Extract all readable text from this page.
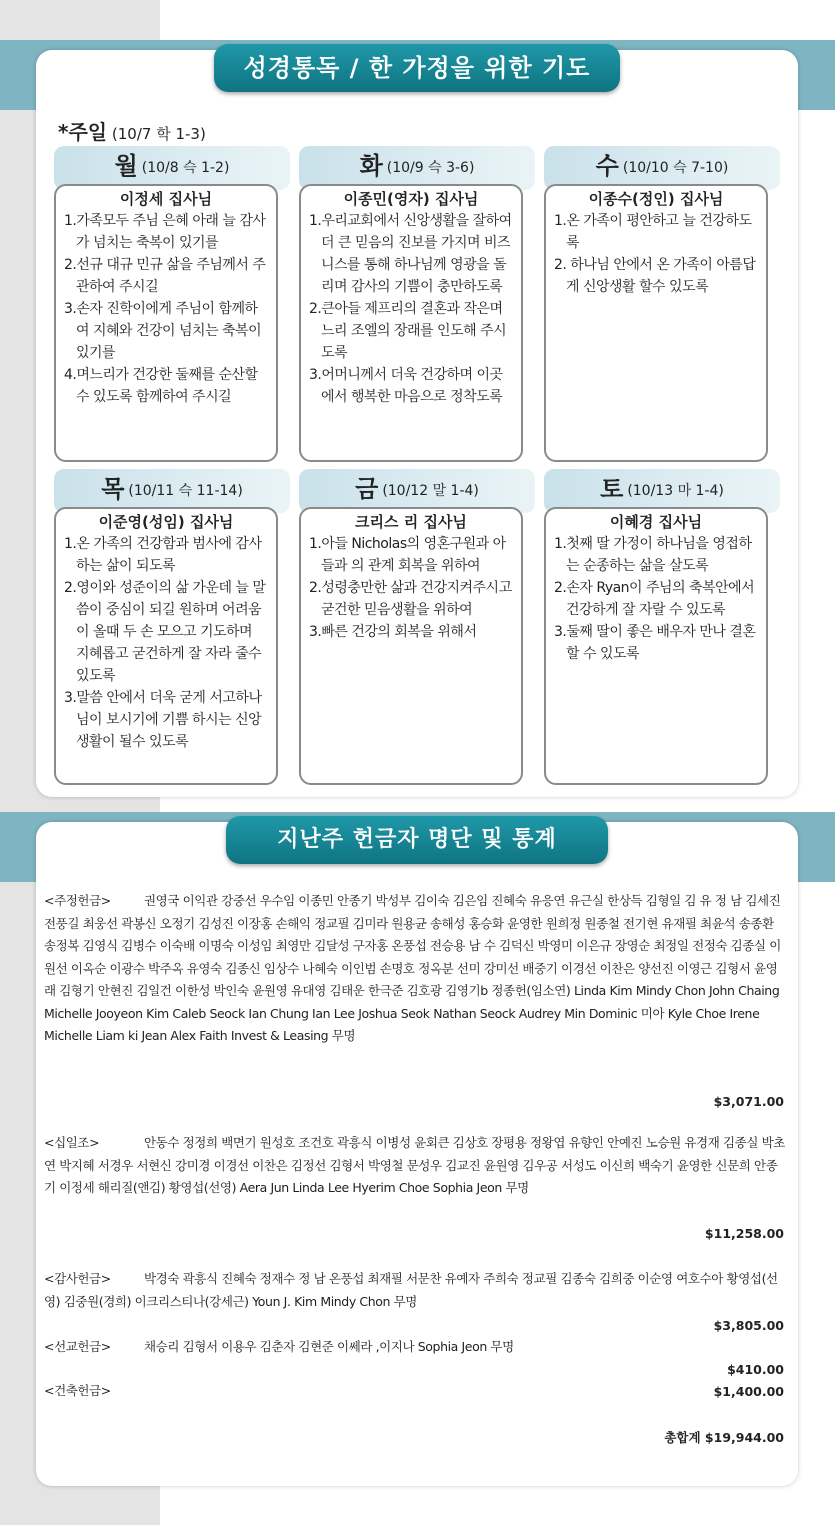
성경통독 / 한 가정을 위한 기도
*주일 (10/7 학 1-3)
월 (10/8 슥 1-2)	화 (10/9 슥 3-6)	수 (10/10 슥 7-10)
이정세 집사님
1.가족모두 주님 은혜 아래 늘 감사가 넘치는 축복이 있기를
2.선규 대규 민규 삶을 주님께서 주관하여 주시길
3.손자 진학이에게 주님이 함께하여 지혜와 건강이 넘치는 축복이 있기를
4.며느리가 건강한 둘째를 순산할 수 있도록 함께하여 주시길
이종민(영자) 집사님
1.우리교회에서 신앙생활을 잘하여 더 큰 믿음의 진보를 가지며 비즈니스를 통해 하나님께 영광을 돌리며 감사의 기쁨이 충만하도록
2.큰아들 제프리의 결혼과 작은며느리 조엘의 장래를 인도해 주시도록
3.어머니께서 더욱 건강하며 이곳에서 행복한 마음으로 정착도록
이종수(정인) 집사님
1.온 가족이 평안하고 늘 건강하도록
2. 하나님 안에서 온 가족이 아름답게 신앙생활 할수 있도록
목 (10/11 슥 11-14)	금 (10/12 말 1-4)	토 (10/13 마 1-4)
이준영(성임) 집사님
1.온 가족의 건강함과 범사에 감사하는 삶이 되도록
2.영이와 성준이의 삶 가운데 늘 말씀이 중심이 되길 원하며 어려움이 올때 두 손 모으고 기도하며 지혜롭고 굳건하게 잘 자라 줄수 있도록
3.말씀 안에서 더욱 굳게 서고하나님이 보시기에 기쁨 하시는 신앙생활이 될수 있도록
크리스 리 집사님
1.아들 Nicholas의 영혼구원과 아들과 의 관계 회복을 위하여
2.성령충만한 삶과 건강지켜주시고 굳건한 믿음생활을 위하여
3.빠른 건강의 회복을 위해서
이혜경 집사님
1.첫째 딸 가정이 하나님을 영접하는 순종하는 삶을 살도록
2.손자 Ryan이 주님의 축복안에서 건강하게 잘 자랄 수 있도록
3.둘째 딸이 좋은 배우자 만나 결혼 할 수 있도록
지난주 헌금자 명단 및 통계
<주정헌금>	권영국 이익관 강중선 우수임 이종민 안종기 박성부 김이숙 김은임 진혜숙 유응연 유근실 한상득 김형일 김 유 정 남 김세진 전풍길 최웅선 곽봉신 오정기 김성진 이장홍 손해익 정교필 김미라 원용균 송해성 홍승화 윤영한 원희정 원종철 전기현 유재필 최윤석 송종환 송정복 김영식 김병수 이숙배 이명숙 이성임 최영만 김달성 구자홍 온풍섭 전승용 남 수 김덕신 박영미 이은규 장영순 최정일 전정숙 김종실 이원선 이옥순 이광수 박주옥 유영숙 김종신 임상수 나혜숙 이인범 손명호 정옥분 선미 강미선 배중기 이경선 이찬은 양선진 이영근 김형서 윤영래 김형기 안현진 김일건 이한성 박인숙 윤원영 유대영 김태운 한극준 김호광 김영기b 정종헌(임소연) Linda Kim Mindy Chon John Chaing Michelle Jooyeon Kim Caleb Seock Ian Chung Ian Lee Joshua Seok Nathan Seock Audrey Min Dominic 미아 Kyle Choe Irene Michelle Liam ki Jean Alex Faith Invest & Leasing 무명
$3,071.00
<십일조>	안동수 정정희 백면기 원성호 조건호 곽흥식 이병성 윤회큰 김상호 장평용 정왕엽 유향인 안예진 노승원 유경재 김종실 박초연 박지혜 서경우 서현신 강미경 이경선 이찬은 김정선 김형서 박영철 문성우 김교진 윤원영 김우공 서성도 이신희 백숙기 윤영한 신문희 안종기 이정세 해리질(앤김) 황영섭(선영) Aera Jun Linda Lee Hyerim Choe Sophia Jeon 무명
$11,258.00
<감사헌금>	박경숙 곽흥식 진혜숙 정재수 정 남 온풍섭 최재필 서문찬 유예자 주희숙 정교필 김종숙 김희중 이순영 여호수아 황영섭(선영) 김중원(경희) 이크리스티나(강세근) Youn J. Kim Mindy Chon 무명
$3,805.00
<선교헌금>	채승리 김형서 이용우 김춘자 김현준 이쎄라 ,이지나 Sophia Jeon 무명
$410.00
<건축헌금>	$1,400.00
총합계 $19,944.00
